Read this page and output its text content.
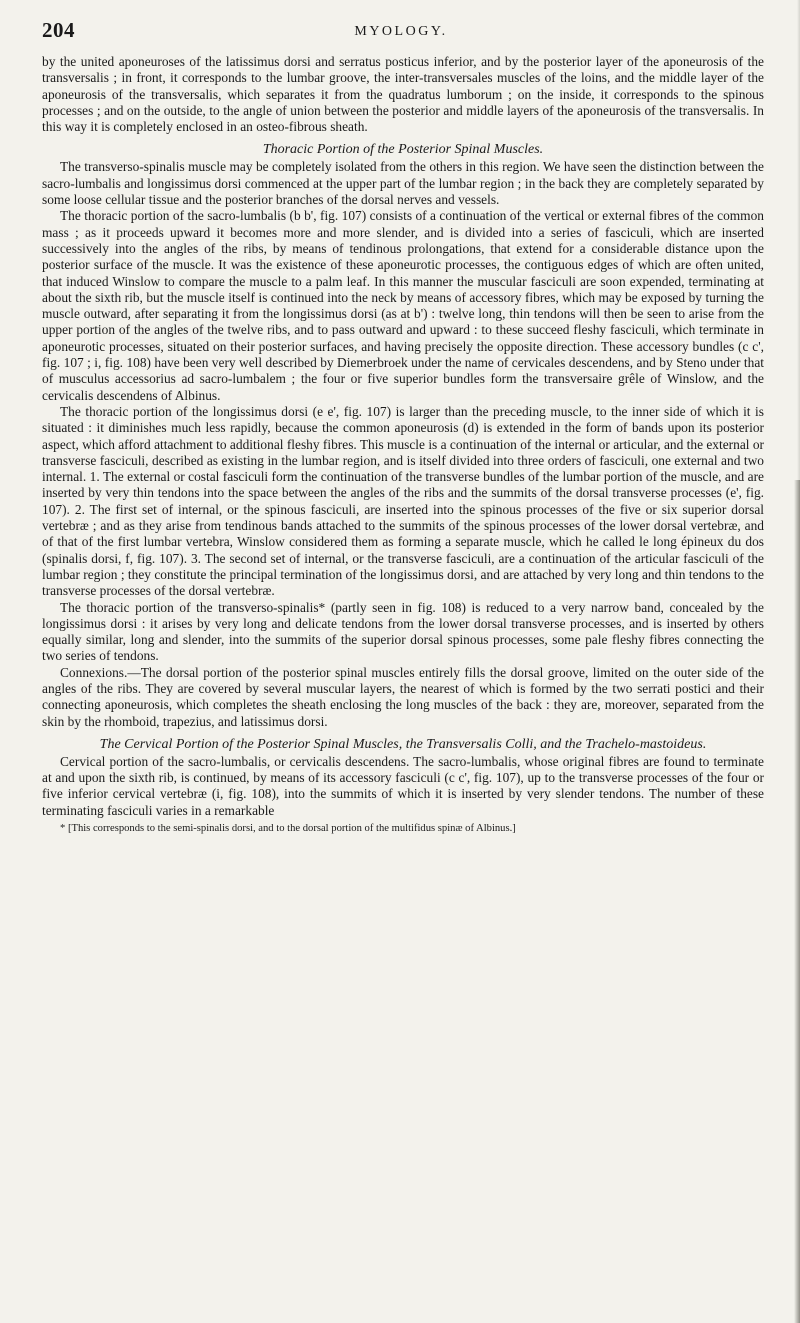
204	MYOLOGY.

by the united aponeuroses of the latissimus dorsi and serratus posticus inferior, and by the posterior layer of the aponeurosis of the transversalis ; in front, it corresponds to the lumbar groove, the inter-transversales muscles of the loins, and the middle layer of the aponeurosis of the transversalis, which separates it from the quadratus lumborum ; on the inside, it corresponds to the spinous processes ; and on the outside, to the angle of union between the posterior and middle layers of the aponeurosis of the transversalis. In this way it is completely enclosed in an osteo-fibrous sheath.

Thoracic Portion of the Posterior Spinal Muscles.

The transverso-spinalis muscle may be completely isolated from the others in this region. We have seen the distinction between the sacro-lumbalis and longissimus dorsi commenced at the upper part of the lumbar region ; in the back they are completely separated by some loose cellular tissue and the posterior branches of the dorsal nerves and vessels.

The thoracic portion of the sacro-lumbalis (b b', fig. 107) consists of a continuation of the vertical or external fibres of the common mass ; as it proceeds upward it becomes more and more slender, and is divided into a series of fasciculi, which are inserted successively into the angles of the ribs, by means of tendinous prolongations, that extend for a considerable distance upon the posterior surface of the muscle. It was the existence of these aponeurotic processes, the contiguous edges of which are often united, that induced Winslow to compare the muscle to a palm leaf. In this manner the muscular fasciculi are soon expended, terminating at about the sixth rib, but the muscle itself is continued into the neck by means of accessory fibres, which may be exposed by turning the muscle outward, after separating it from the longissimus dorsi (as at b') : twelve long, thin tendons will then be seen to arise from the upper portion of the angles of the twelve ribs, and to pass outward and upward : to these succeed fleshy fasciculi, which terminate in aponeurotic processes, situated on their posterior surfaces, and having precisely the opposite direction. These accessory bundles (c c', fig. 107 ; i, fig. 108) have been very well described by Diemerbroek under the name of cervicales descendens, and by Steno under that of musculus accessorius ad sacro-lumbalem ; the four or five superior bundles form the transversaire grêle of Winslow, and the cervicalis descendens of Albinus.

The thoracic portion of the longissimus dorsi (e e', fig. 107) is larger than the preceding muscle, to the inner side of which it is situated : it diminishes much less rapidly, because the common aponeurosis (d) is extended in the form of bands upon its posterior aspect, which afford attachment to additional fleshy fibres. This muscle is a continuation of the internal or articular, and the external or transverse fasciculi, described as existing in the lumbar region, and is itself divided into three orders of fasciculi, one external and two internal. 1. The external or costal fasciculi form the continuation of the transverse bundles of the lumbar portion of the muscle, and are inserted by very thin tendons into the space between the angles of the ribs and the summits of the dorsal transverse processes (e', fig. 107). 2. The first set of internal, or the spinous fasciculi, are inserted into the spinous processes of the five or six superior dorsal vertebræ ; and as they arise from tendinous bands attached to the summits of the spinous processes of the lower dorsal vertebræ, and of that of the first lumbar vertebra, Winslow considered them as forming a separate muscle, which he called le long épineux du dos (spinalis dorsi, f, fig. 107). 3. The second set of internal, or the transverse fasciculi, are a continuation of the articular fasciculi of the lumbar region ; they constitute the principal termination of the longissimus dorsi, and are attached by very long and thin tendons to the transverse processes of the dorsal vertebræ.

The thoracic portion of the transverso-spinalis* (partly seen in fig. 108) is reduced to a very narrow band, concealed by the longissimus dorsi : it arises by very long and delicate tendons from the lower dorsal transverse processes, and is inserted by others equally similar, long and slender, into the summits of the superior dorsal spinous processes, some pale fleshy fibres connecting the two series of tendons.

Connexions.—The dorsal portion of the posterior spinal muscles entirely fills the dorsal groove, limited on the outer side of the angles of the ribs. They are covered by several muscular layers, the nearest of which is formed by the two serrati postici and their connecting aponeurosis, which completes the sheath enclosing the long muscles of the back : they are, moreover, separated from the skin by the rhomboid, trapezius, and latissimus dorsi.

The Cervical Portion of the Posterior Spinal Muscles, the Transversalis Colli, and the Trachelo-mastoideus.

Cervical portion of the sacro-lumbalis, or cervicalis descendens. The sacro-lumbalis, whose original fibres are found to terminate at and upon the sixth rib, is continued, by means of its accessory fasciculi (c c', fig. 107), up to the transverse processes of the four or five inferior cervical vertebræ (i, fig. 108), into the summits of which it is inserted by very slender tendons. The number of these terminating fasciculi varies in a remarkable

* [This corresponds to the semi-spinalis dorsi, and to the dorsal portion of the multifidus spinæ of Albinus.]
